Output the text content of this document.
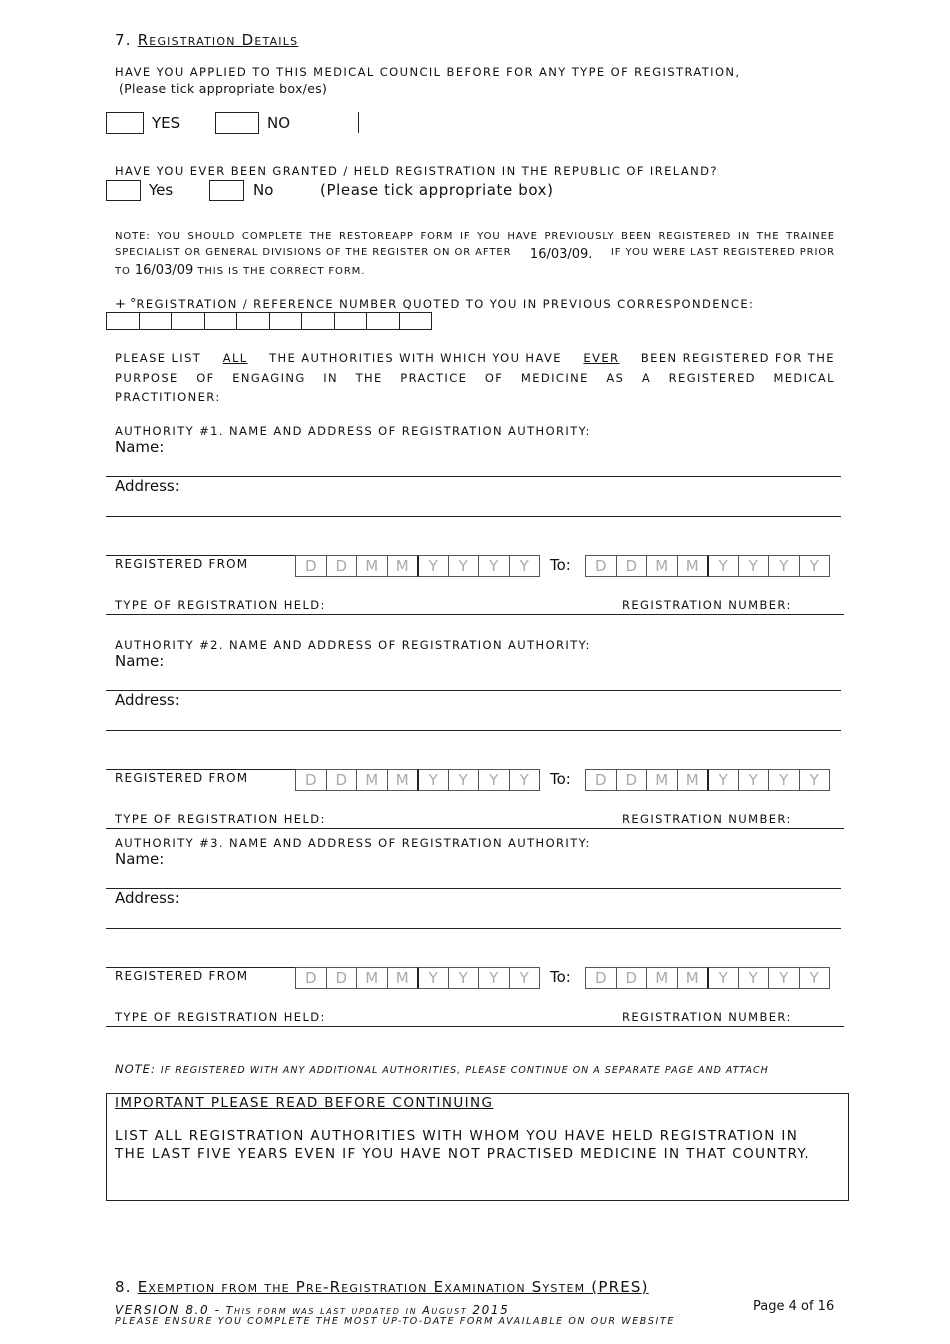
7. Registration Details
HAVE YOU APPLIED TO THIS MEDICAL COUNCIL BEFORE FOR ANY TYPE OF REGISTRATION,
(Please tick appropriate box/es)
YES	NO
HAVE YOU EVER BEEN GRANTED / HELD REGISTRATION IN THE REPUBLIC OF IRELAND?
Yes	No	(Please tick appropriate box)
NOTE: YOU SHOULD COMPLETE THE RESTOREAPP FORM IF YOU HAVE PREVIOUSLY BEEN REGISTERED IN THE TRAINEE
SPECIALIST OR GENERAL DIVISIONS OF THE REGISTER ON OR AFTER 16/03/09. IF YOU WERE LAST REGISTERED PRIOR
TO 16/03/09 THIS IS THE CORRECT FORM.
+ °REGISTRATION / REFERENCE NUMBER QUOTED TO YOU IN PREVIOUS CORRESPONDENCE:
PLEASE LIST ALL THE AUTHORITIES WITH WHICH YOU HAVE EVER BEEN REGISTERED FOR THE
PURPOSE OF ENGAGING IN THE PRACTICE OF MEDICINE AS A REGISTERED MEDICAL
PRACTITIONER:
AUTHORITY #1. NAME AND ADDRESS OF REGISTRATION AUTHORITY:
Name:
Address:
REGISTERED FROM	D	D	M	M	Y	Y	Y	Y	To:	D	D	M	M	Y	Y	Y	Y
TYPE OF REGISTRATION HELD:	REGISTRATION NUMBER:
AUTHORITY #2. NAME AND ADDRESS OF REGISTRATION AUTHORITY:
Name:
Address:
REGISTERED FROM	D	D	M	M	Y	Y	Y	Y	To:	D	D	M	M	Y	Y	Y	Y
TYPE OF REGISTRATION HELD:	REGISTRATION NUMBER:
AUTHORITY #3. NAME AND ADDRESS OF REGISTRATION AUTHORITY:
Name:
Address:
REGISTERED FROM	D	D	M	M	Y	Y	Y	Y	To:	D	D	M	M	Y	Y	Y	Y
TYPE OF REGISTRATION HELD:	REGISTRATION NUMBER:
NOTE: IF REGISTERED WITH ANY ADDITIONAL AUTHORITIES, PLEASE CONTINUE ON A SEPARATE PAGE AND ATTACH
IMPORTANT PLEASE READ BEFORE CONTINUING
LIST ALL REGISTRATION AUTHORITIES WITH WHOM YOU HAVE HELD REGISTRATION IN
THE LAST FIVE YEARS EVEN IF YOU HAVE NOT PRACTISED MEDICINE IN THAT COUNTRY.
8. Exemption from the Pre-Registration Examination System (PRES)
VERSION 8.0 - This form was last updated in August 2015	Page 4 of 16
PLEASE ENSURE YOU COMPLETE THE MOST UP-TO-DATE FORM AVAILABLE ON OUR WEBSITE
